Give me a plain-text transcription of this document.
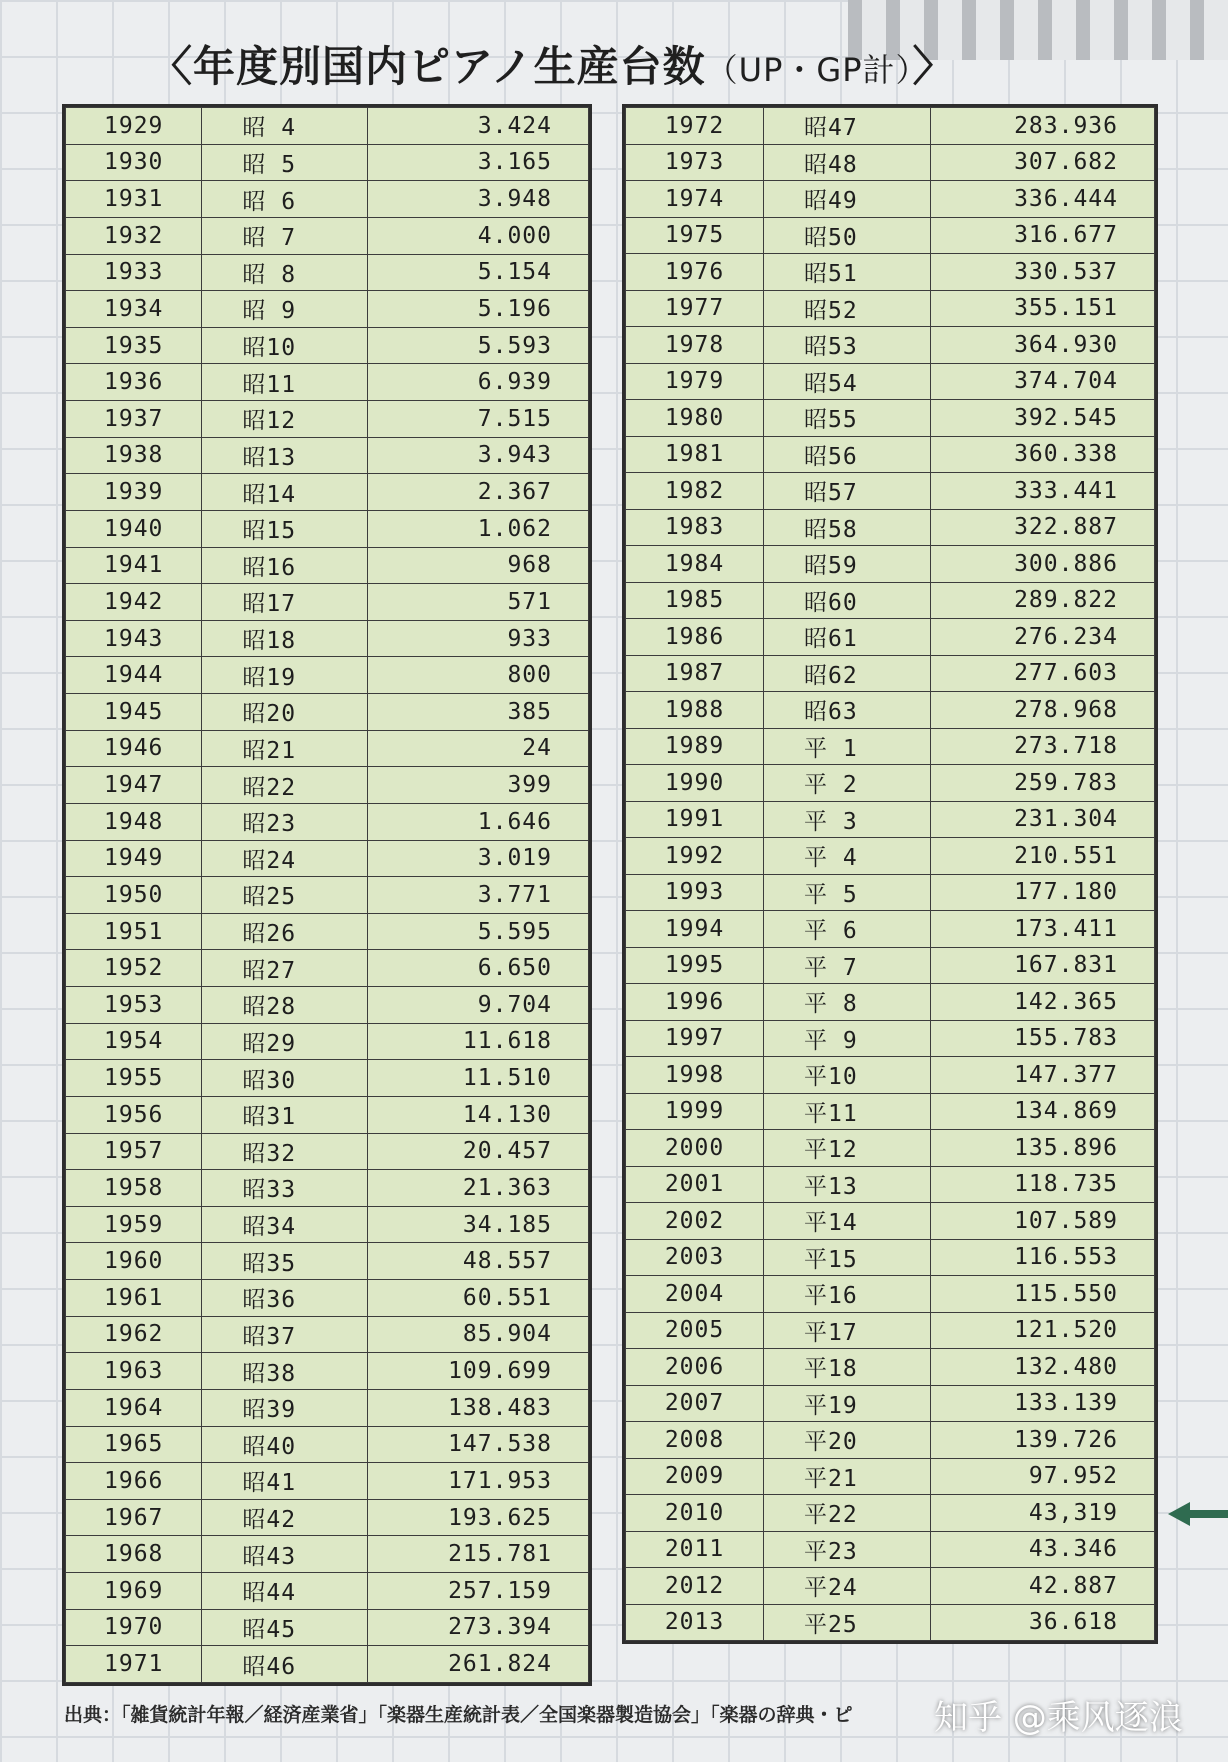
〈年度別国内ピアノ生産台数（UP・GP計）〉
1929	昭 4	3.424
1930	昭 5	3.165
1931	昭 6	3.948
1932	昭 7	4.000
1933	昭 8	5.154
1934	昭 9	5.196
1935	昭10	5.593
1936	昭11	6.939
1937	昭12	7.515
1938	昭13	3.943
1939	昭14	2.367
1940	昭15	1.062
1941	昭16	968
1942	昭17	571
1943	昭18	933
1944	昭19	800
1945	昭20	385
1946	昭21	24
1947	昭22	399
1948	昭23	1.646
1949	昭24	3.019
1950	昭25	3.771
1951	昭26	5.595
1952	昭27	6.650
1953	昭28	9.704
1954	昭29	11.618
1955	昭30	11.510
1956	昭31	14.130
1957	昭32	20.457
1958	昭33	21.363
1959	昭34	34.185
1960	昭35	48.557
1961	昭36	60.551
1962	昭37	85.904
1963	昭38	109.699
1964	昭39	138.483
1965	昭40	147.538
1966	昭41	171.953
1967	昭42	193.625
1968	昭43	215.781
1969	昭44	257.159
1970	昭45	273.394
1971	昭46	261.824
1972	昭47	283.936
1973	昭48	307.682
1974	昭49	336.444
1975	昭50	316.677
1976	昭51	330.537
1977	昭52	355.151
1978	昭53	364.930
1979	昭54	374.704
1980	昭55	392.545
1981	昭56	360.338
1982	昭57	333.441
1983	昭58	322.887
1984	昭59	300.886
1985	昭60	289.822
1986	昭61	276.234
1987	昭62	277.603
1988	昭63	278.968
1989	平 1	273.718
1990	平 2	259.783
1991	平 3	231.304
1992	平 4	210.551
1993	平 5	177.180
1994	平 6	173.411
1995	平 7	167.831
1996	平 8	142.365
1997	平 9	155.783
1998	平10	147.377
1999	平11	134.869
2000	平12	135.896
2001	平13	118.735
2002	平14	107.589
2003	平15	116.553
2004	平16	115.550
2005	平17	121.520
2006	平18	132.480
2007	平19	133.139
2008	平20	139.726
2009	平21	97.952
2010	平22	43,319
2011	平23	43.346
2012	平24	42.887
2013	平25	36.618

出典：「雑貨統計年報／経済産業省」「楽器生産統計表／全国楽器製造協会」「楽器の辞典・ピ 知乎 @乘风逐浪
